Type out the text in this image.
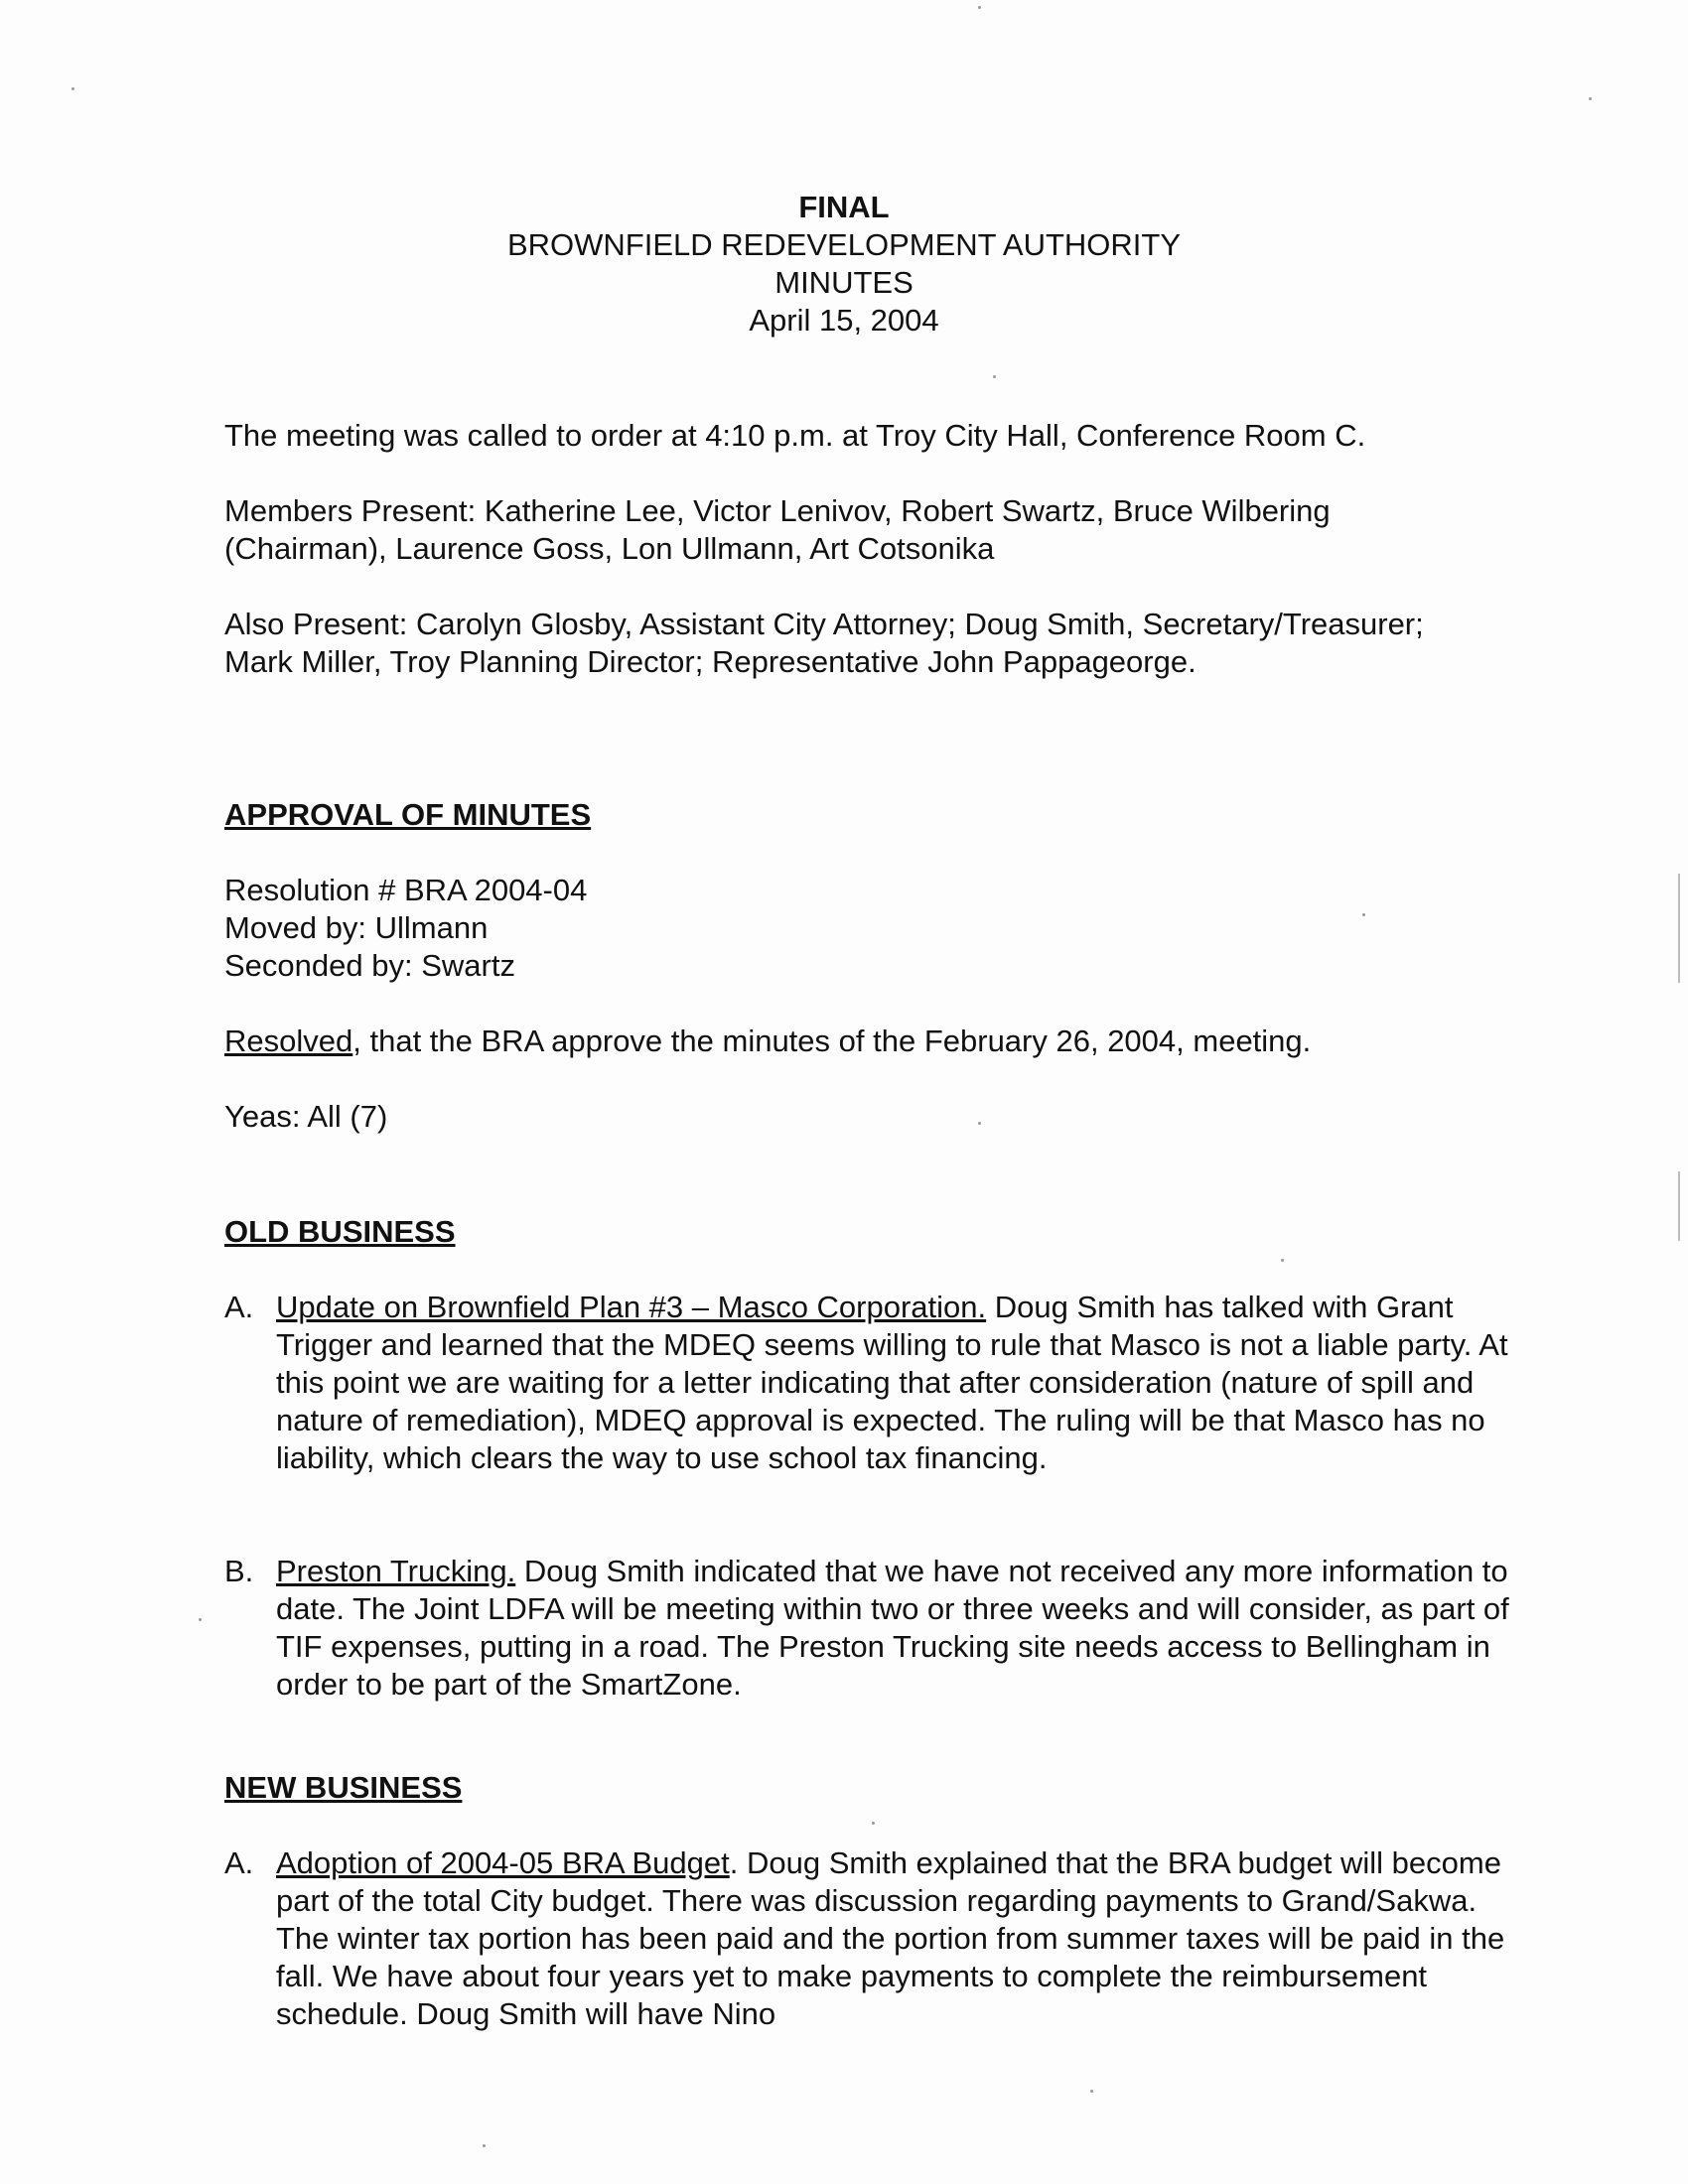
FINAL
BROWNFIELD REDEVELOPMENT AUTHORITY
MINUTES
April 15, 2004

The meeting was called to order at 4:10 p.m. at Troy City Hall, Conference Room C.

Members Present: Katherine Lee, Victor Lenivov, Robert Swartz, Bruce Wilbering (Chairman), Laurence Goss, Lon Ullmann, Art Cotsonika

Also Present: Carolyn Glosby, Assistant City Attorney; Doug Smith, Secretary/Treasurer; Mark Miller, Troy Planning Director; Representative John Pappageorge.

APPROVAL OF MINUTES
Resolution # BRA 2004-04
Moved by: Ullmann
Seconded by: Swartz
Resolved, that the BRA approve the minutes of the February 26, 2004, meeting.
Yeas: All (7)
OLD BUSINESS
A. Update on Brownfield Plan #3 – Masco Corporation. Doug Smith has talked with Grant Trigger and learned that the MDEQ seems willing to rule that Masco is not a liable party. At this point we are waiting for a letter indicating that after consideration (nature of spill and nature of remediation), MDEQ approval is expected. The ruling will be that Masco has no liability, which clears the way to use school tax financing.
B. Preston Trucking. Doug Smith indicated that we have not received any more information to date. The Joint LDFA will be meeting within two or three weeks and will consider, as part of TIF expenses, putting in a road. The Preston Trucking site needs access to Bellingham in order to be part of the SmartZone.
NEW BUSINESS
A. Adoption of 2004-05 BRA Budget. Doug Smith explained that the BRA budget will become part of the total City budget. There was discussion regarding payments to Grand/Sakwa. The winter tax portion has been paid and the portion from summer taxes will be paid in the fall. We have about four years yet to make payments to complete the reimbursement schedule. Doug Smith will have Nino
